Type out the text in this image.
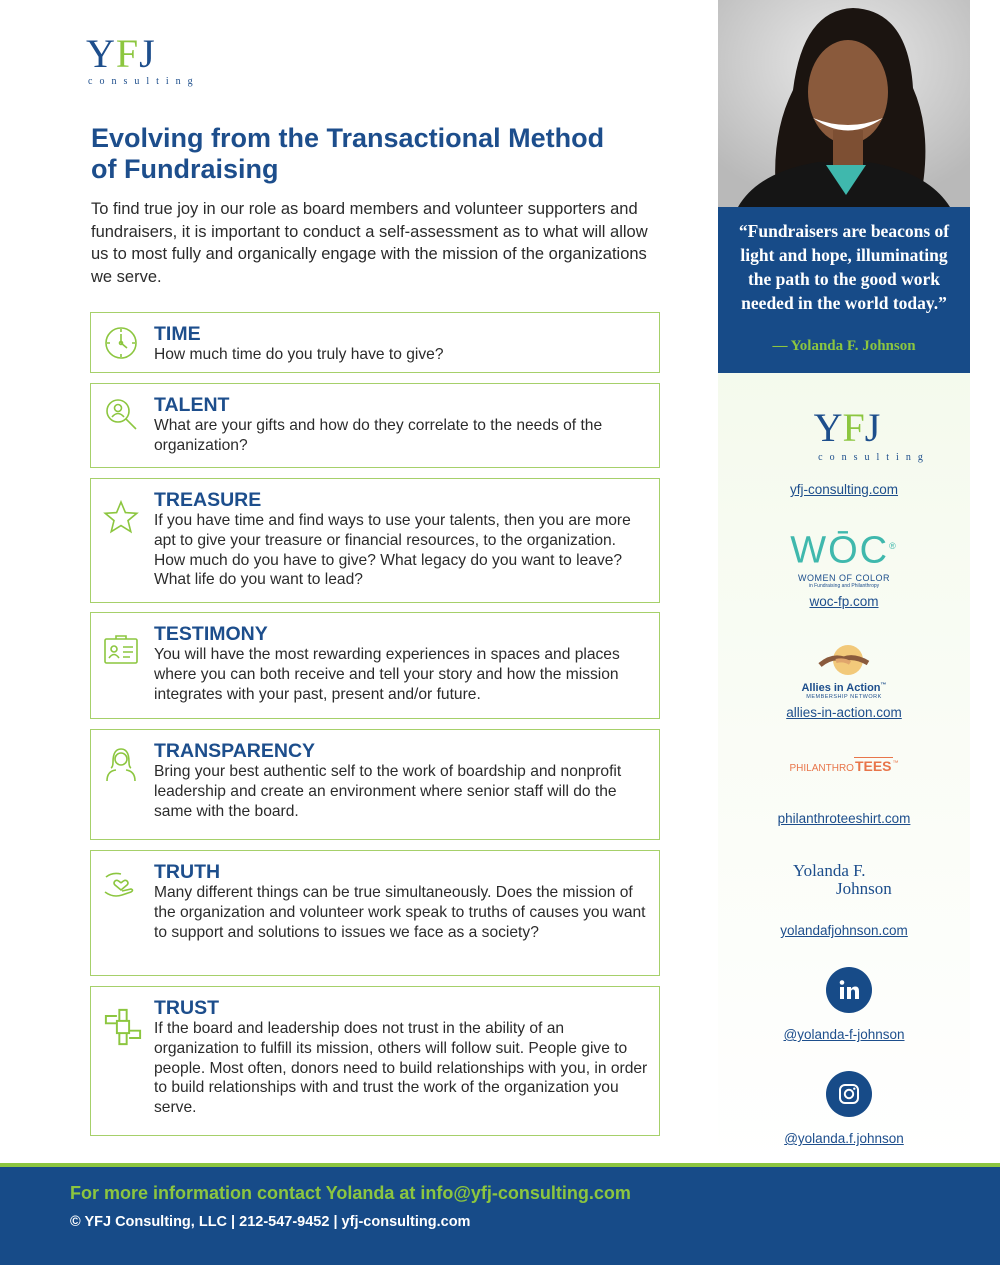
YFJ
consulting
Evolving from the Transactional Method of Fundraising

To find true joy in our role as board members and volunteer supporters and fundraisers, it is important to conduct a self-assessment as to what will allow us to most fully and organically engage with the mission of the organizations we serve.

TIME
How much time do you truly have to give?
TALENT
What are your gifts and how do they correlate to the needs of the organization?
TREASURE
If you have time and find ways to use your talents, then you are more apt to give your treasure or financial resources, to the organization. How much do you have to give? What legacy do you want to leave? What life do you want to lead?
TESTIMONY
You will have the most rewarding experiences in spaces and places where you can both receive and tell your story and how the mission integrates with your past, present and/or future.
TRANSPARENCY
Bring your best authentic self to the work of boardship and nonprofit leadership and create an environment where senior staff will do the same with the board.
TRUTH
Many different things can be true simultaneously. Does the mission of the organization and volunteer work speak to truths of causes you want to support and solutions to issues we face as a society?
TRUST
If the board and leadership does not trust in the ability of an organization to fulfill its mission, others will follow suit. People give to people. Most often, donors need to build relationships with you, in order to build relationships with and trust the work of the organization you serve.
“Fundraisers are beacons of light and hope, illuminating the path to the good work needed in the world today.”
— Yolanda F. Johnson
YFJ
consulting
yfj-consulting.com
WŌC®
WOMEN OF COLOR
in Fundraising and Philanthropy
woc-fp.com
Allies in Action™
MEMBERSHIP NETWORK
allies-in-action.com
PHILANTHROTEES™
philanthroteeshirt.com
Yolanda F.
Johnson
yolandafjohnson.com
@yolanda-f-johnson
@yolanda.f.johnson
For more information contact Yolanda at info@yfj-consulting.com
© YFJ Consulting, LLC | 212-547-9452 | yfj-consulting.com
